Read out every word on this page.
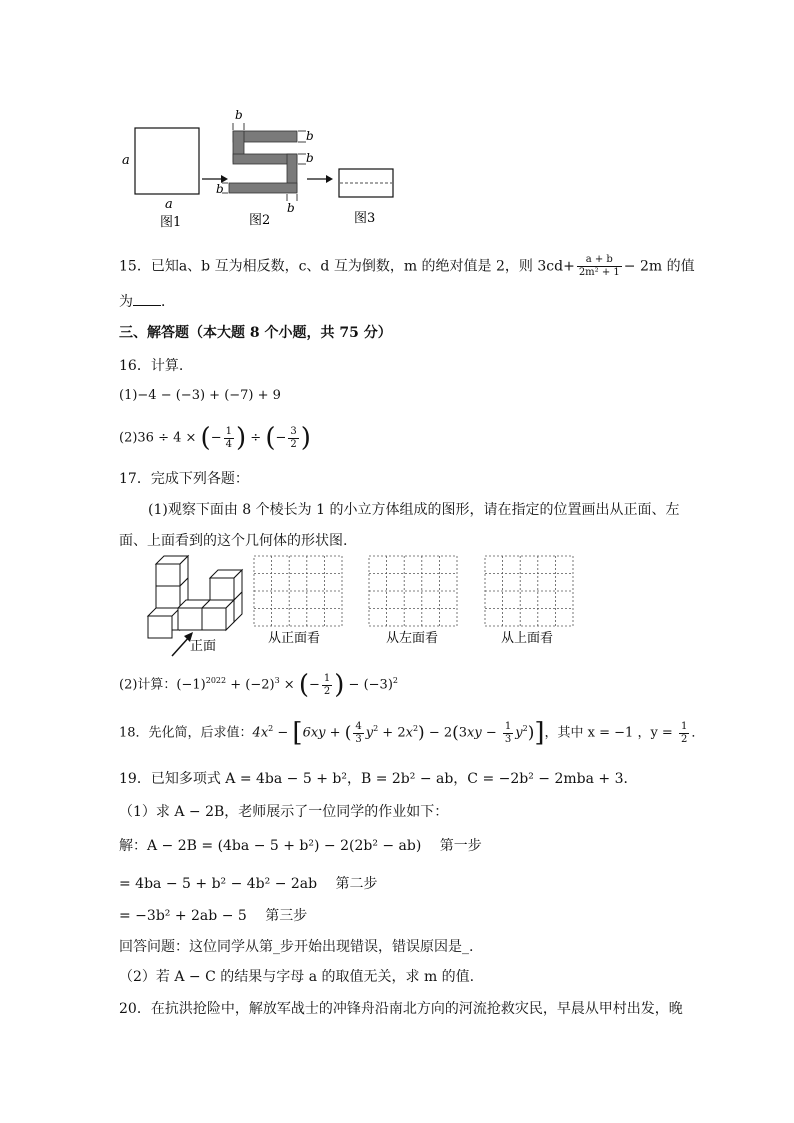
a
a
b
b
b
b
b
图1	图2	图3
15．已知a、b 互为相反数，c、d 互为倒数，m 的绝对值是 2，则 $3cd+ \frac{a + b}{\text{2m² + 1}} - 2m$ 的值
为 ．
三、解答题（本大题 8 个小题，共 75 分）
16．计算.
(1)−4 − (−3) + (−7) + 9
(2)36 ÷ 4 × (− $\frac{1}{4}$ ) ÷ (− $\frac{3}{2}$ )
17．完成下列各题：
(1)观察下面由 8 个棱长为 1 的小立方体组成的图形，请在指定的位置画出从正面、左
面、上面看到的这个几何体的形状图.
正面
从正面看	从左面看	从上面看
(2)计算：$(-1)^{2022} + (-2)^3$ × (− $\frac{1}{2}$ ) − $(-3)^2$
18．先化简，后求值：$4x^2 - [6xy$ + ( $\frac{4}{3} y^2 + 2x^2) - 2(3xy - \frac{1}{3} y^2)$]，其中 x = −1 ，$y = \frac{1}{2}$ ．
19．已知多项式 A = 4ba − 5 + b²，B = 2b² − ab，C = −2b² − 2mba + 3．
（1）求 A − 2B，老师展示了一位同学的作业如下：
解：A − 2B = (4ba − 5 + b²) − 2(2b² − ab)　 第一步
= 4ba − 5 + b² − 4b² − 2ab　 第二步
= −3b² + 2ab − 5　 第三步
回答问题：这位同学从第_步开始出现错误，错误原因是_.
（2）若 A − C 的结果与字母 a 的取值无关，求 m 的值.
20．在抗洪抢险中，解放军战士的冲锋舟沿南北方向的河流抢救灾民，早晨从甲村出发，晚
